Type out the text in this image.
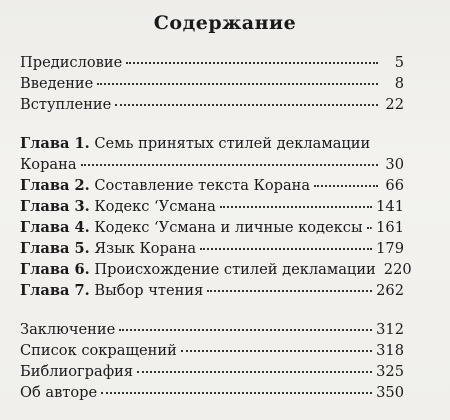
Содержание
Предисловие	5
Введение	8
Вступление	22
Глава 1. Семь принятых стилей декламации
Корана	30
Глава 2. Составление текста Корана	66
Глава 3. Кодекс ‘Усмана	141
Глава 4. Кодекс ‘Усмана и личные кодексы 161
Глава 5. Язык Корана	179
Глава 6. Происхождение стилей декламации 220
Глава 7. Выбор чтения	262
Заключение	312
Список сокращений	318
Библиография	325
Об авторе	350
